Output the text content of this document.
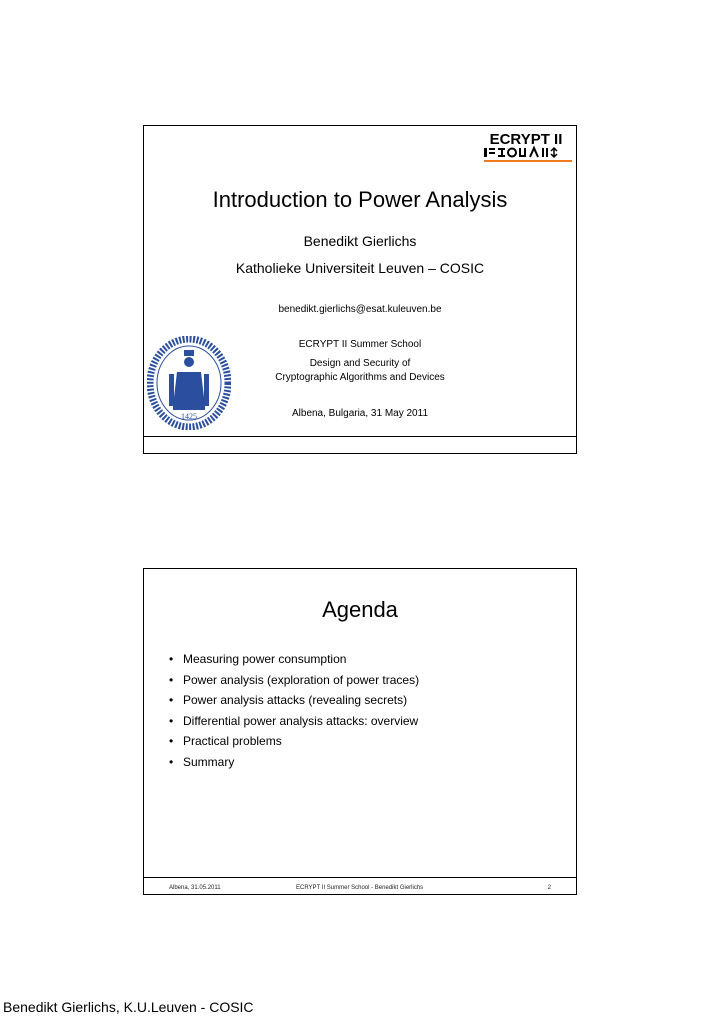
ECRYPT II
Introduction to Power Analysis
Benedikt Gierlichs
Katholieke Universiteit Leuven – COSIC
benedikt.gierlichs@esat.kuleuven.be
ECRYPT II Summer School
Design and Security of
Cryptographic Algorithms and Devices
Albena, Bulgaria, 31 May 2011
1425
Agenda
• Measuring power consumption
• Power analysis (exploration of power traces)
• Power analysis attacks (revealing secrets)
• Differential power analysis attacks: overview
• Practical problems
• Summary
Albena, 31.05.2011	ECRYPT II Summer School - Benedikt Gierlichs	2
Benedikt Gierlichs, K.U.Leuven - COSIC
